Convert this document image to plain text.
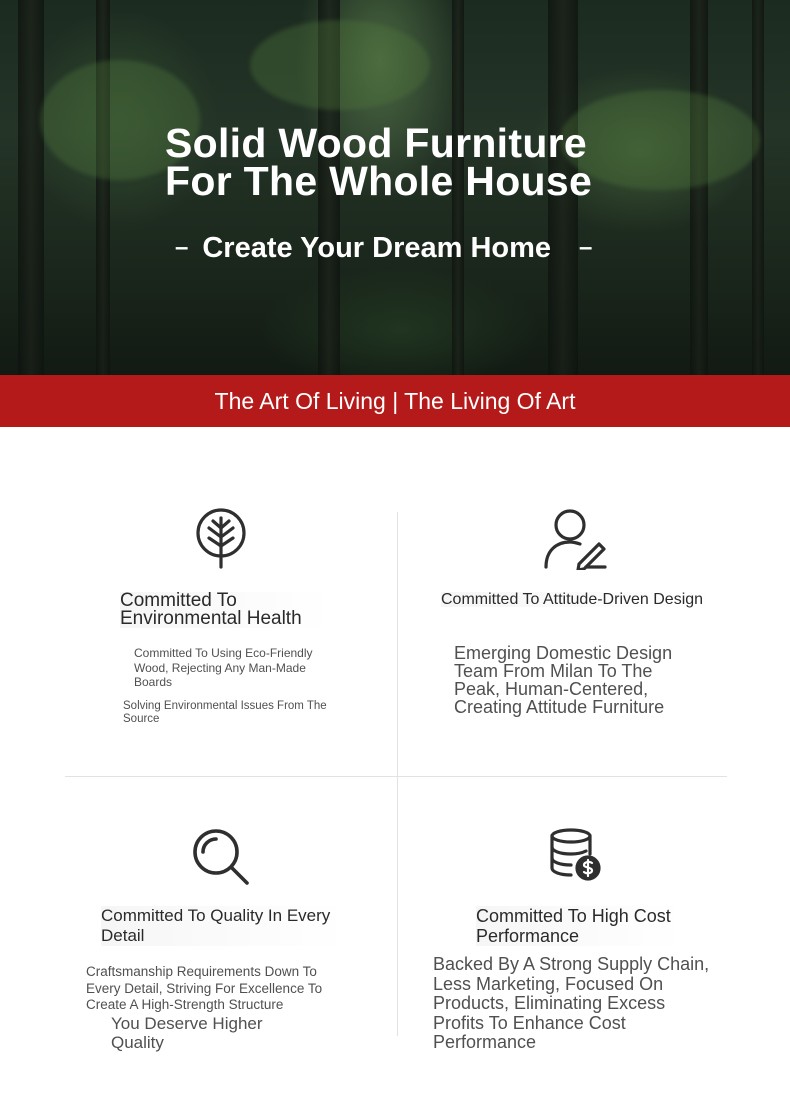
Solid Wood Furniture
For The Whole House
– Create Your Dream Home –
The Art Of Living | The Living Of Art
Committed To Environmental Health
Committed To Using Eco-Friendly Wood, Rejecting Any Man-Made Boards
Solving Environmental Issues From The Source
Committed To Attitude-Driven Design
Emerging Domestic Design Team From Milan To The Peak, Human-Centered, Creating Attitude Furniture
Committed To Quality In Every Detail
Craftsmanship Requirements Down To Every Detail, Striving For Excellence To Create A High-Strength Structure
You Deserve Higher Quality
Committed To High Cost Performance
Backed By A Strong Supply Chain, Less Marketing, Focused On Products, Eliminating Excess Profits To Enhance Cost Performance
